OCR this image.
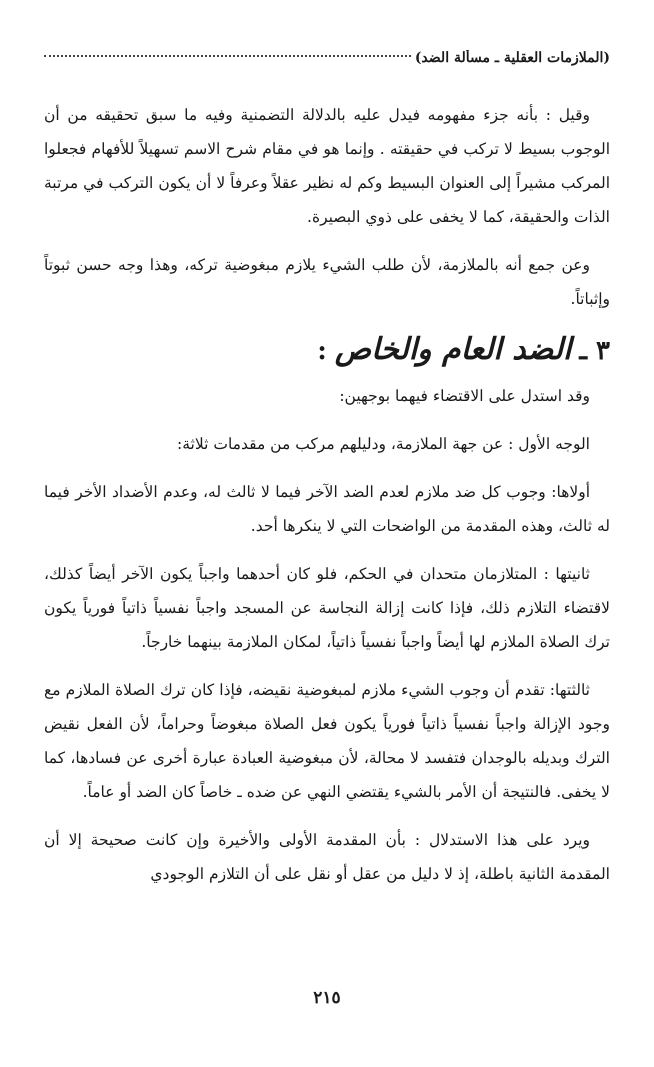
(الملازمات العقلية ـ مسألة الضد)

وقيل : بأنه جزء مفهومه فيدل عليه بالدلالة التضمنية وفيه ما سبق تحقيقه من أن الوجوب بسيط لا تركب في حقيقته . وإنما هو في مقام شرح الاسم تسهيلاً للأفهام فجعلوا المركب مشيراً إلى العنوان البسيط وكم له نظير عقلاً وعرفاً لا أن يكون التركب في مرتبة الذات والحقيقة، كما لا يخفى على ذوي البصيرة.

وعن جمع أنه بالملازمة، لأن طلب الشيء يلازم مبغوضية تركه، وهذا وجه حسن ثبوتاً وإثباتاً.

٣ ـ
الضد العام والخاص
:

وقد استدل على الاقتضاء فيهما بوجهين:

الوجه الأول : عن جهة الملازمة، ودليلهم مركب من مقدمات ثلاثة:

أولاها: وجوب كل ضد ملازم لعدم الضد الآخر فيما لا ثالث له، وعدم الأضداد الأخر فيما له ثالث، وهذه المقدمة من الواضحات التي لا ينكرها أحد.

ثانيتها : المتلازمان متحدان في الحكم، فلو كان أحدهما واجباً يكون الآخر أيضاً كذلك، لاقتضاء التلازم ذلك، فإذا كانت إزالة النجاسة عن المسجد واجباً نفسياً ذاتياً فورياً يكون ترك الصلاة الملازم لها أيضاً واجباً نفسياً ذاتياً، لمكان الملازمة بينهما خارجاً.

ثالثتها: تقدم أن وجوب الشيء ملازم لمبغوضية نقيضه، فإذا كان ترك الصلاة الملازم مع وجود الإزالة واجباً نفسياً ذاتياً فورياً يكون فعل الصلاة مبغوضاً وحراماً، لأن الفعل نقيض الترك وبديله بالوجدان فتفسد لا محالة، لأن مبغوضية العبادة عبارة أخرى عن فسادها، كما لا يخفى. فالنتيجة أن الأمر بالشيء يقتضي النهي عن ضده ـ خاصاً كان الضد أو عاماً.

ويرد على هذا الاستدلال : بأن المقدمة الأولى والأخيرة وإن كانت صحيحة إلا أن المقدمة الثانية باطلة، إذ لا دليل من عقل أو نقل على أن التلازم الوجودي

٢١٥
